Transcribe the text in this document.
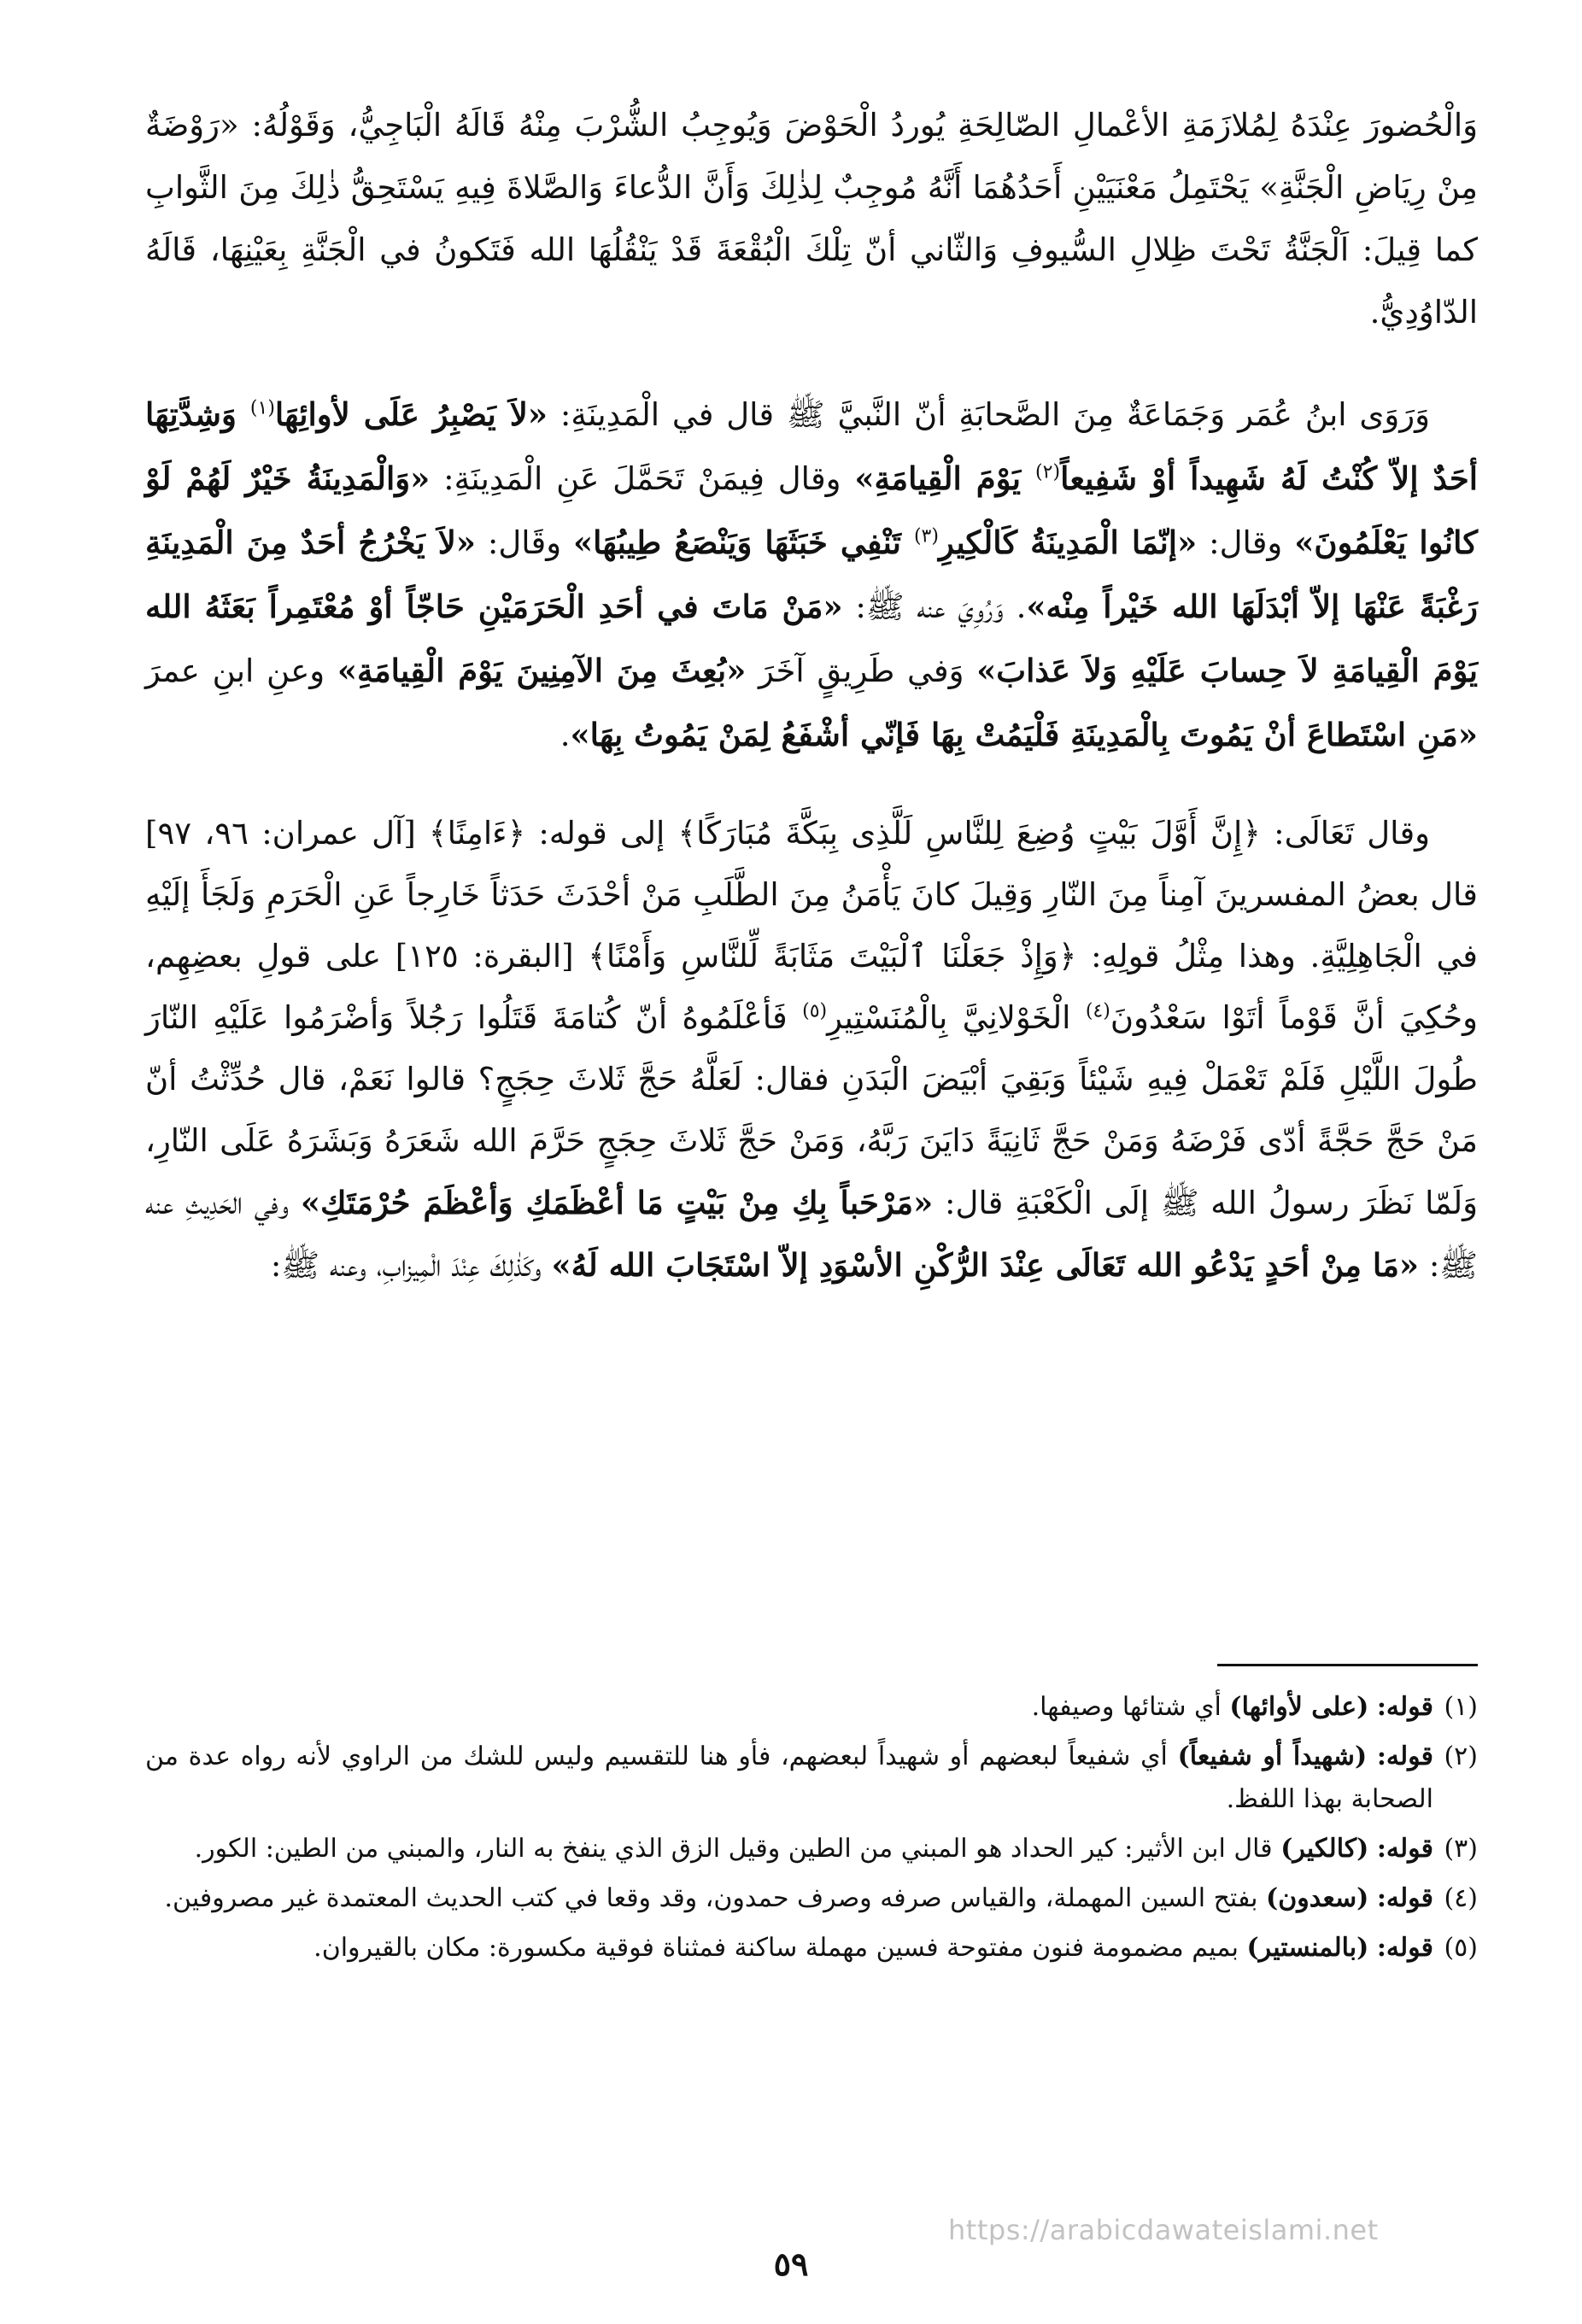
وَالْحُضورَ عِنْدَهُ لِمُلازَمَةِ الأعْمالِ الصّالِحَةِ يُوردُ الْحَوْضَ وَيُوجِبُ الشُّرْبَ مِنْهُ قَالَهُ الْبَاجِيُّ، وَقَوْلُهُ: «رَوْضَةٌ مِنْ رِيَاضِ الْجَنَّةِ» يَحْتَمِلُ مَعْنَيَيْنِ أَحَدُهُمَا أَنَّهُ مُوجِبٌ لِذٰلِكَ وَأَنَّ الدُّعاءَ وَالصَّلاةَ فِيهِ يَسْتَحِقُّ ذٰلِكَ مِنَ الثَّوابِ كما قِيلَ: اَلْجَنَّةُ تَحْتَ ظِلالِ السُّيوفِ وَالثّاني أنّ تِلْكَ الْبُقْعَةَ قَدْ يَنْقُلُهَا الله فَتَكونُ في الْجَنَّةِ بِعَيْنِهَا، قَالَهُ الدّاوُدِيُّ.

وَرَوَى ابنُ عُمَر وَجَمَاعَةٌ مِنَ الصَّحابَةِ أنّ النَّبيَّ ﷺ قال في الْمَدِينَةِ: «لاَ يَصْبِرُ عَلَى لأوائِهَا$^{(١)}$ وَشِدَّتِهَا أحَدٌ إلاّ كُنْتُ لَهُ شَهِيداً أوْ شَفِيعاً$^{(٢)}$ يَوْمَ الْقِيامَةِ» وقال فِيمَنْ تَحَمَّلَ عَنِ الْمَدِينَةِ: «وَالْمَدِينَةُ خَيْرٌ لَهُمْ لَوْ كانُوا يَعْلَمُونَ» وقال: «إنّمَا الْمَدِينَةُ كَالْكِيرِ$^{(٣)}$ تَنْفِي خَبَثَهَا وَيَنْصَعُ طِيبُهَا» وقَال: «لاَ يَخْرُجُ أحَدٌ مِنَ الْمَدِينَةِ رَغْبَةً عَنْهَا إلاّ أبْدَلَهَا الله خَيْراً مِنْه». وَرُوِيَ عنه ﷺ: «مَنْ مَاتَ في أحَدِ الْحَرَمَيْنِ حَاجّاً أوْ مُعْتَمِراً بَعَثَهُ الله يَوْمَ الْقِيامَةِ لاَ حِسابَ عَلَيْهِ وَلاَ عَذابَ» وَفي طَرِيقٍ آخَرَ «بُعِثَ مِنَ الآمِنِينَ يَوْمَ الْقِيامَةِ» وعنِ ابنِ عمرَ «مَنِ اسْتَطاعَ أنْ يَمُوتَ بِالْمَدِينَةِ فَلْيَمُتْ بِهَا فَإنّي أشْفَعُ لِمَنْ يَمُوتُ بِهَا».

وقال تَعَالَى: ﴿إِنَّ أَوَّلَ بَيْتٍ وُضِعَ لِلنَّاسِ لَلَّذِى بِبَكَّةَ مُبَارَكًا﴾ إلى قوله: ﴿ءَامِنًا﴾ [آل عمران: ٩٦، ٩٧] قال بعضُ المفسرينَ آمِناً مِنَ النّارِ وَقِيلَ كانَ يَأْمَنُ مِنَ الطَّلَبِ مَنْ أحْدَثَ حَدَثاً خَارِجاً عَنِ الْحَرَمِ وَلَجَأَ إلَيْهِ في الْجَاهِلِيَّةِ. وهذا مِثْلُ قولِهِ: ﴿وَإِذْ جَعَلْنَا ٱلْبَيْتَ مَثَابَةً لِّلنَّاسِ وَأَمْنًا﴾ [البقرة: ١٢٥] على قولِ بعضِهِم، وحُكِيَ أنَّ قَوْماً أتَوْا سَعْدُونَ$^{(٤)}$ الْخَوْلانِيَّ بِالْمُنَسْتِيرِ$^{(٥)}$ فَأعْلَمُوهُ أنّ كُتامَةَ قَتَلُوا رَجُلاً وَأضْرَمُوا عَلَيْهِ النّارَ طُولَ اللَّيْلِ فَلَمْ تَعْمَلْ فِيهِ شَيْئاً وَبَقِيَ أبْيَضَ الْبَدَنِ فقال: لَعَلَّهُ حَجَّ ثَلاثَ حِجَجٍ؟ قالوا نَعَمْ، قال حُدِّثْتُ أنّ مَنْ حَجَّ حَجَّةً أدّى فَرْضَهُ وَمَنْ حَجَّ ثَانِيَةً دَايَنَ رَبَّهُ، وَمَنْ حَجَّ ثَلاثَ حِجَجٍ حَرَّمَ الله شَعَرَهُ وَبَشَرَهُ عَلَى النّارِ، وَلَمّا نَظَرَ رسولُ الله ﷺ إلَى الْكَعْبَةِ قال: «مَرْحَباً بِكِ مِنْ بَيْتٍ مَا أعْظَمَكِ وَأعْظَمَ حُرْمَتَكِ» وفي الحَدِيثِ عنه ﷺ: «مَا مِنْ أحَدٍ يَدْعُو الله تَعَالَى عِنْدَ الرُّكْنِ الأسْوَدِ إلاّ اسْتَجَابَ الله لَهُ» وكَذٰلِكَ عِنْدَ الْمِيزابِ، وعنه ﷺ:

(١)
قوله: (على لأوائها) أي شتائها وصيفها.
(٢)
قوله: (شهيداً أو شفيعاً) أي شفيعاً لبعضهم أو شهيداً لبعضهم، فأو هنا للتقسيم وليس للشك من الراوي لأنه رواه عدة من الصحابة بهذا اللفظ.
(٣)
قوله: (كالكير) قال ابن الأثير: كير الحداد هو المبني من الطين وقيل الزق الذي ينفخ به النار، والمبني من الطين: الكور.
(٤)
قوله: (سعدون) بفتح السين المهملة، والقياس صرفه وصرف حمدون، وقد وقعا في كتب الحديث المعتمدة غير مصروفين.
(٥)
قوله: (بالمنستير) بميم مضمومة فنون مفتوحة فسين مهملة ساكنة فمثناة فوقية مكسورة: مكان بالقيروان.
https://arabicdawateislami.net
٥٩
